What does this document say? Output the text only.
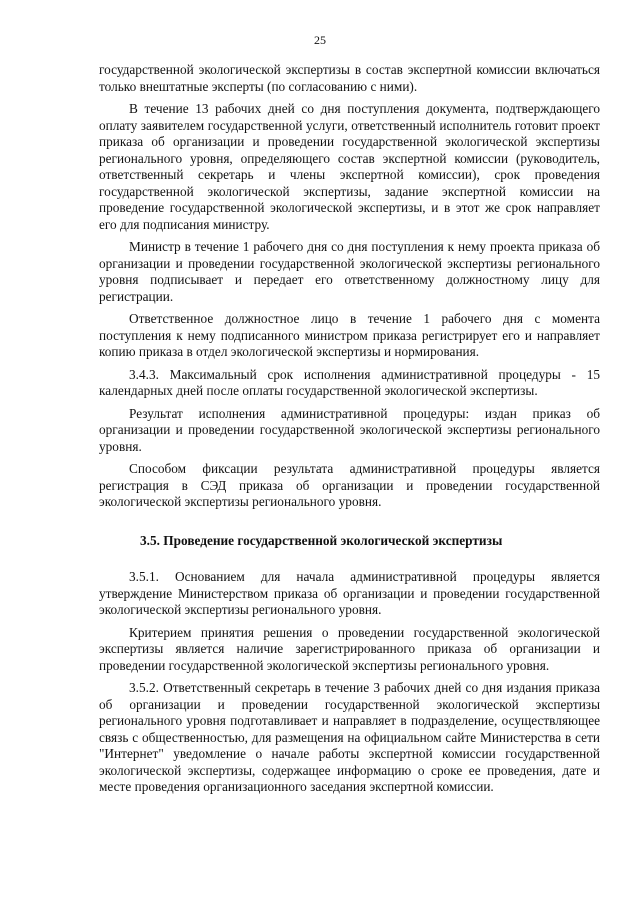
25

государственной экологической экспертизы в состав экспертной комиссии включаться только внештатные эксперты (по согласованию с ними).

В течение 13 рабочих дней со дня поступления документа, подтверждающего оплату заявителем государственной услуги, ответственный исполнитель готовит проект приказа об организации и проведении государственной экологической экспертизы регионального уровня, определяющего состав экспертной комиссии (руководитель, ответственный секретарь и члены экспертной комиссии), срок проведения государственной экологической экспертизы, задание экспертной комиссии на проведение государственной экологической экспертизы, и в этот же срок направляет его для подписания министру.

Министр в течение 1 рабочего дня со дня поступления к нему проекта приказа об организации и проведении государственной экологической экспертизы регионального уровня подписывает и передает его ответственному должностному лицу для регистрации.

Ответственное должностное лицо в течение 1 рабочего дня с момента поступления к нему подписанного министром приказа регистрирует его и направляет копию приказа в отдел экологической экспертизы и нормирования.

3.4.3. Максимальный срок исполнения административной процедуры - 15 календарных дней после оплаты государственной экологической экспертизы.

Результат исполнения административной процедуры: издан приказ об организации и проведении государственной экологической экспертизы регионального уровня.

Способом фиксации результата административной процедуры является регистрация в СЭД приказа об организации и проведении государственной экологической экспертизы регионального уровня.

3.5. Проведение государственной экологической экспертизы

3.5.1. Основанием для начала административной процедуры является утверждение Министерством приказа об организации и проведении государственной экологической экспертизы регионального уровня.

Критерием принятия решения о проведении государственной экологической экспертизы является наличие зарегистрированного приказа об организации и проведении государственной экологической экспертизы регионального уровня.

3.5.2. Ответственный секретарь в течение 3 рабочих дней со дня издания приказа об организации и проведении государственной экологической экспертизы регионального уровня подготавливает и направляет в подразделение, осуществляющее связь с общественностью, для размещения на официальном сайте Министерства в сети "Интернет" уведомление о начале работы экспертной комиссии государственной экологической экспертизы, содержащее информацию о сроке ее проведения, дате и месте проведения организационного заседания экспертной комиссии.
